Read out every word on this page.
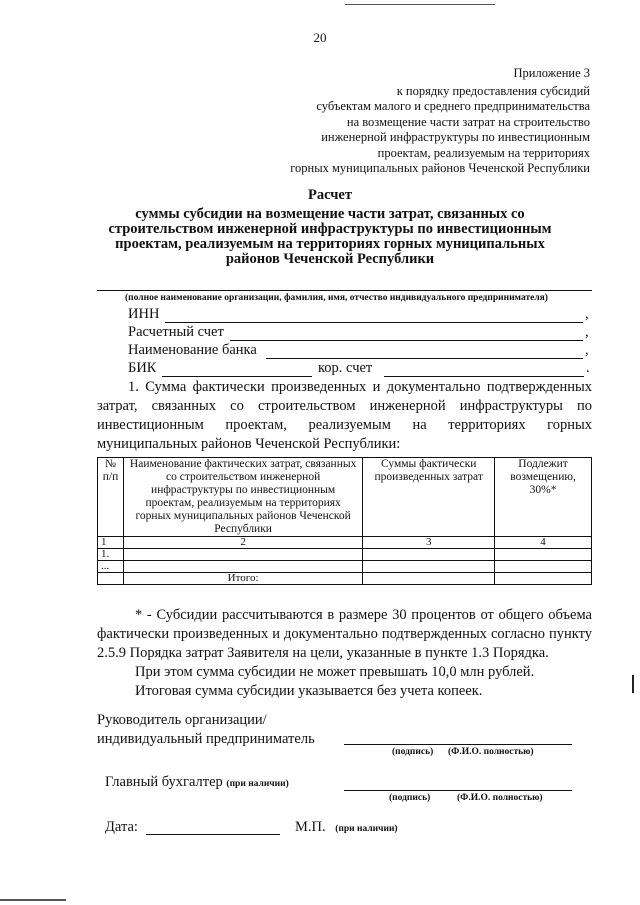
20
Приложение 3
к порядку предоставления субсидий
субъектам малого и среднего предпринимательства
на возмещение части затрат на строительство
инженерной инфраструктуры по инвестиционным
проектам, реализуемым на территориях
горных муниципальных районов Чеченской Республики
Расчет
суммы субсидии на возмещение части затрат, связанных со
строительством инженерной инфраструктуры по инвестиционным
проектам, реализуемым на территориях горных муниципальных
районов Чеченской Республики
(полное наименование организации, фамилия, имя, отчество индивидуального предпринимателя)
ИНН	,
Расчетный счет	,
Наименование банка	,
БИК	кор. счет	.
1. Сумма фактически произведенных и документально подтвержденных
затрат, связанных со строительством инженерной инфраструктуры по
инвестиционным проектам, реализуемым на территориях горных
муниципальных районов Чеченской Республики:
№ п/п	Наименование фактических затрат, связанных со строительством инженерной инфраструктуры по инвестиционным проектам, реализуемым на территориях горных муниципальных районов Чеченской Республики	Суммы фактически произведенных затрат	Подлежит возмещению, 30%*
1	2	3	4
1.			
...			
	Итого:		
* - Субсидии рассчитываются в размере 30 процентов от общего объема
фактически произведенных и документально подтвержденных согласно пункту
2.5.9 Порядка затрат Заявителя на цели, указанные в пункте 1.3 Порядка.
При этом сумма субсидии не может превышать 10,0 млн рублей.
Итоговая сумма субсидии указывается без учета копеек.
Руководитель организации/
индивидуальный предприниматель
(подпись) (Ф.И.О. полностью)
Главный бухгалтер (при наличии)
(подпись)	(Ф.И.О. полностью)
Дата:	М.П. (при наличии)
